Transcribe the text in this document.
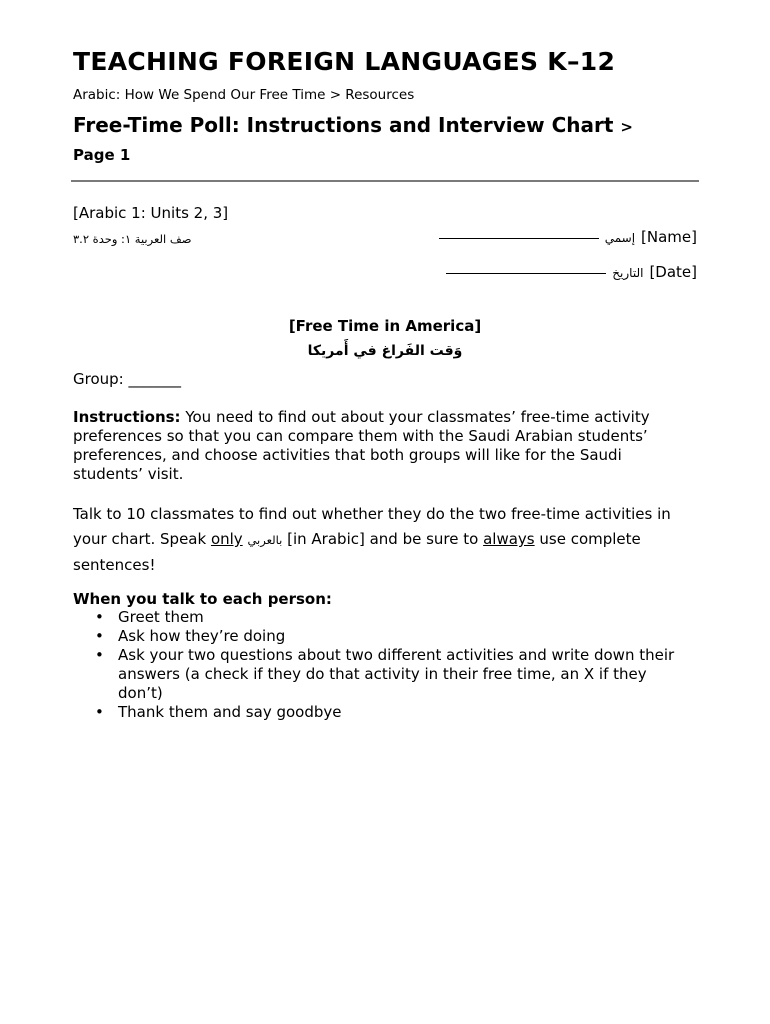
TEACHING FOREIGN LANGUAGES K–12
Arabic: How We Spend Our Free Time > Resources
Free-Time Poll: Instructions and Interview Chart > Page 1
[Arabic 1: Units 2, 3]
صف العربية ١: وحدة ٣.٢	إسمي [Name]
التاريخ [Date]
[Free Time in America]
وَقت الفَراغ في أَمريكا
Group: _______
Instructions: You need to find out about your classmates’ free-time activity preferences so that you can compare them with the Saudi Arabian students’ preferences, and choose activities that both groups will like for the Saudi students’ visit.
Talk to 10 classmates to find out whether they do the two free-time activities in your chart. Speak only بالعربي [in Arabic] and be sure to always use complete sentences!
When you talk to each person:
• Greet them
• Ask how they’re doing
• Ask your two questions about two different activities and write down their answers (a check if they do that activity in their free time, an X if they don’t)
• Thank them and say goodbye
